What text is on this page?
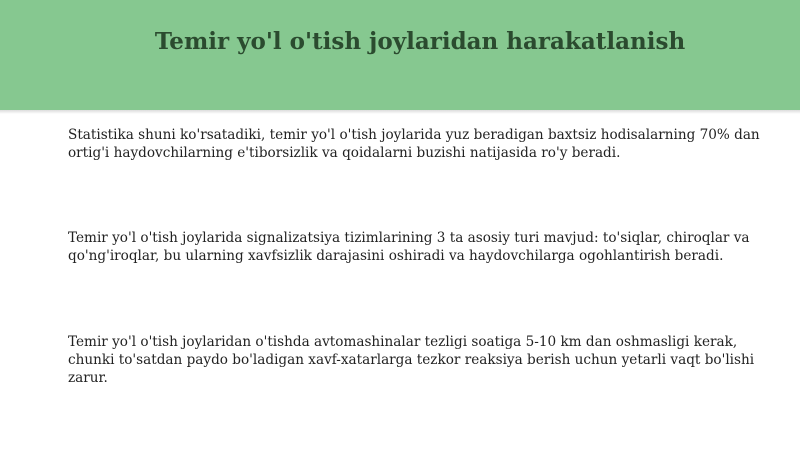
Temir yo'l o'tish joylaridan harakatlanish

Statistika shuni ko'rsatadiki, temir yo'l o'tish joylarida yuz beradigan baxtsiz hodisalarning 70% dan ortig'i haydovchilarning e'tiborsizlik va qoidalarni buzishi natijasida ro'y beradi.

Temir yo'l o'tish joylarida signalizatsiya tizimlarining 3 ta asosiy turi mavjud: to'siqlar, chiroqlar va qo'ng'iroqlar, bu ularning xavfsizlik darajasini oshiradi va haydovchilarga ogohlantirish beradi.

Temir yo'l o'tish joylaridan o'tishda avtomashinalar tezligi soatiga 5-10 km dan oshmasligi kerak, chunki to'satdan paydo bo'ladigan xavf-xatarlarga tezkor reaksiya berish uchun yetarli vaqt bo'lishi zarur.
